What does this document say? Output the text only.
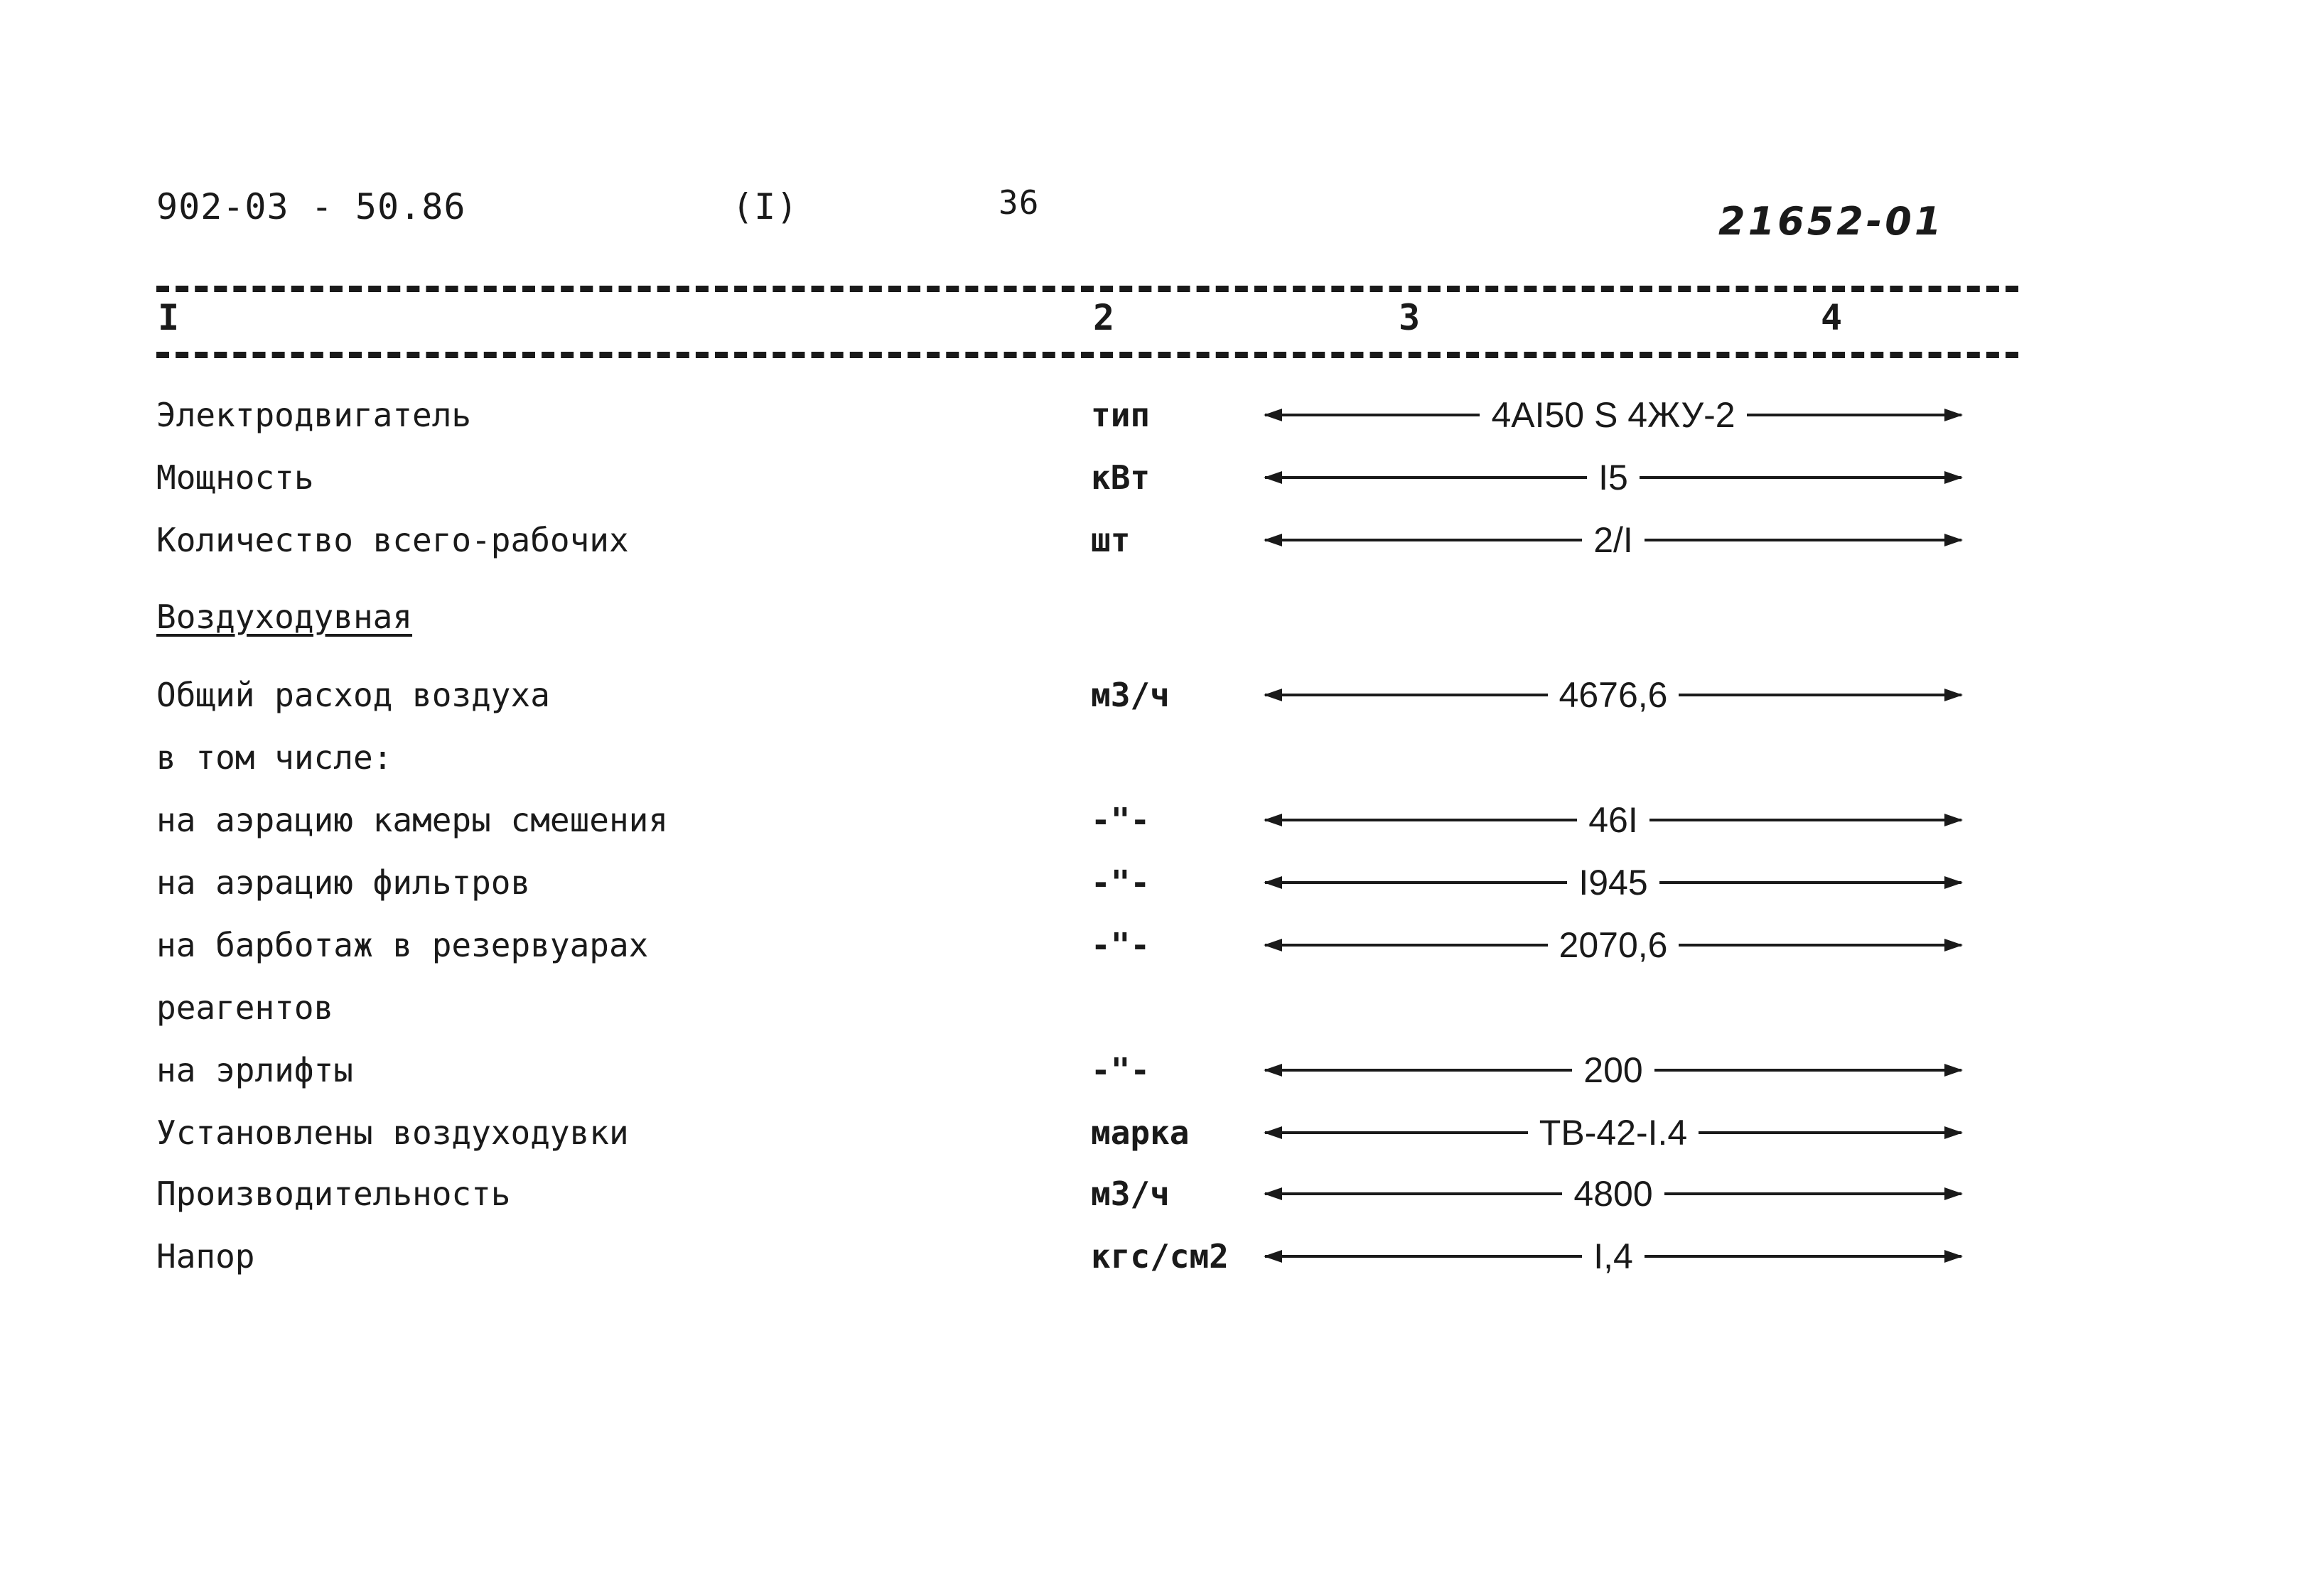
902-03 - 50.86	(I)	36	21652-01
I	2	3	4
Электродвигатель	тип	4AI50 S 4ЖУ-2
Мощность	кВт	I5
Количество всего-рабочих	шт	2/I
Воздуходувная
Общий расход воздуха	м3/ч	4676,6
в том числе:
на аэрацию камеры смешения	-"-	46I
на аэрацию фильтров	-"-	I945
на барботаж в резервуарах	-"-	2070,6
реагентов
на эрлифты	-"-	200
Установлены воздуходувки	марка	ТВ-42-I.4
Производительность	м3/ч	4800
Напор	кгс/см2	I,4
